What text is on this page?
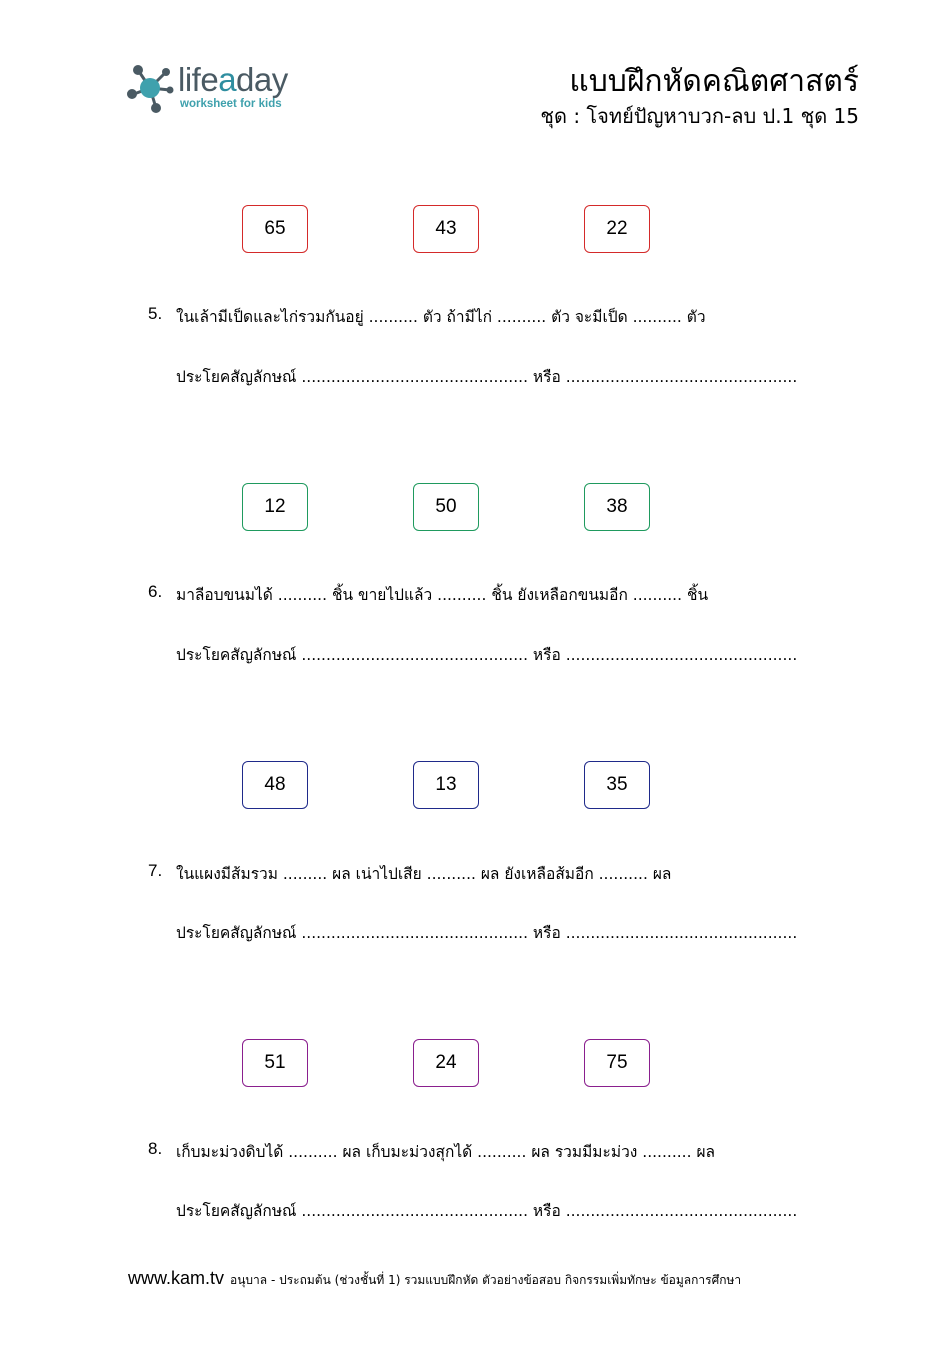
lifeaday
worksheet for kids
แบบฝึกหัดคณิตศาสตร์
ชุด : โจทย์ปัญหาบวก-ลบ ป.1 ชุด 15
65	43	22
5. ในเล้ามีเป็ดและไก่รวมกันอยู่ .......... ตัว ถ้ามีไก่ .......... ตัว จะมีเป็ด .......... ตัว
ประโยคสัญลักษณ์ .............................................. หรือ ...............................................
12	50	38
6. มาลีอบขนมได้ .......... ชิ้น ขายไปแล้ว .......... ชิ้น ยังเหลือกขนมอีก .......... ชิ้น
ประโยคสัญลักษณ์ .............................................. หรือ ...............................................
48	13	35
7. ในแผงมีส้มรวม ......... ผล เน่าไปเสีย .......... ผล ยังเหลือส้มอีก .......... ผล
ประโยคสัญลักษณ์ .............................................. หรือ ...............................................
51	24	75
8. เก็บมะม่วงดิบได้ .......... ผล เก็บมะม่วงสุกได้ .......... ผล รวมมีมะม่วง .......... ผล
ประโยคสัญลักษณ์ .............................................. หรือ ...............................................
www.kam.tv อนุบาล - ประถมต้น (ช่วงชั้นที่ 1) รวมแบบฝึกหัด ตัวอย่างข้อสอบ กิจกรรมเพิ่มทักษะ ข้อมูลการศึกษา
